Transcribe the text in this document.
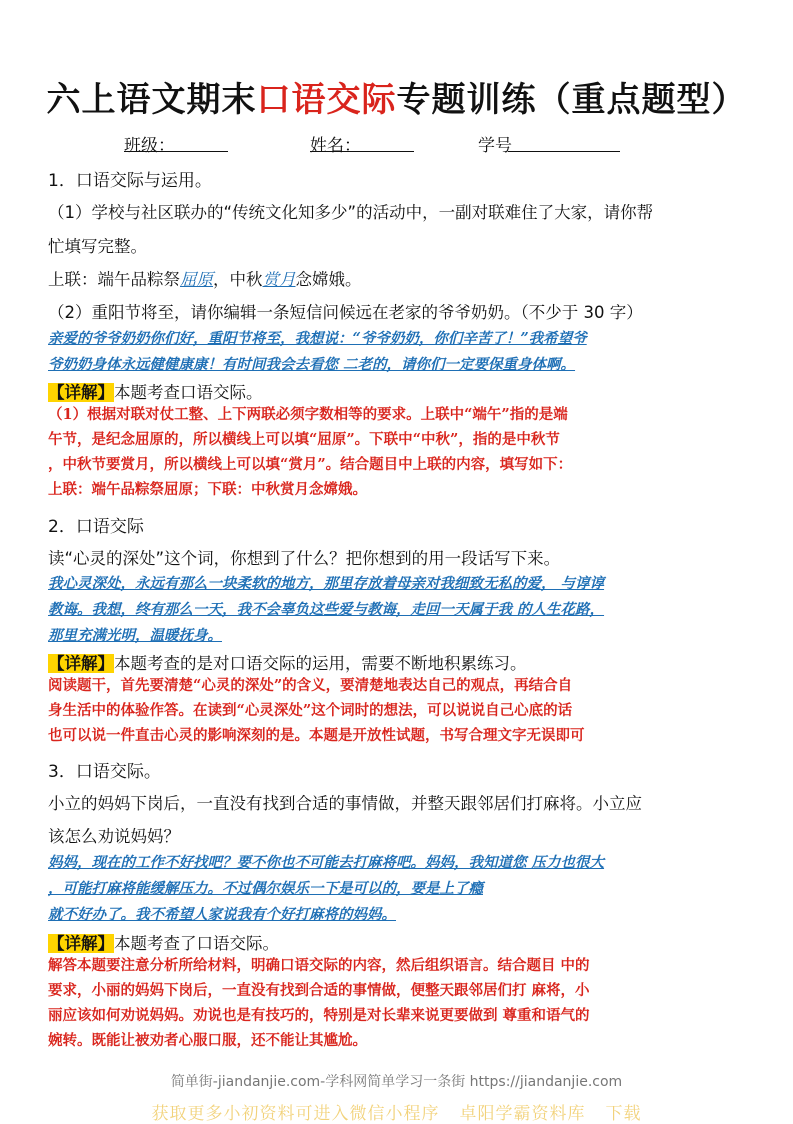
六上语文期末口语交际专题训练（重点题型）
班级：	姓名：	学号
1．口语交际与运用。
（1）学校与社区联办的“传统文化知多少”的活动中，一副对联难住了大家，请你帮
忙填写完整。
上联：端午品粽祭屈原，中秋赏月念嫦娥。
（2）重阳节将至，请你编辑一条短信问候远在老家的爷爷奶奶。（不少于 30 字）
亲爱的爷爷奶奶你们好，重阳节将至，我想说：“爷爷奶奶，你们辛苦了！”我希望爷
爷奶奶身体永远健健康康！有时间我会去看您 二老的，请你们一定要保重身体啊。
【详解】本题考查口语交际。
（1）根据对联对仗工整、上下两联必须字数相等的要求。上联中“端午”指的是端
午节，是纪念屈原的，所以横线上可以填“屈原”。下联中“中秋”，指的是中秋节
，中秋节要赏月，所以横线上可以填“赏月”。结合题目中上联的内容，填写如下：
上联：端午品粽祭屈原；下联：中秋赏月念嫦娥。
2．口语交际
读“心灵的深处”这个词，你想到了什么？把你想到的用一段话写下来。
我心灵深处，永远有那么一块柔软的地方，那里存放着母亲对我细致无私的爱， 与谆谆
教诲。我想，终有那么一天，我不会辜负这些爱与教诲，走回一天属于我 的人生花路，
那里充满光明，温暖抚身。
【详解】本题考查的是对口语交际的运用，需要不断地积累练习。
阅读题干，首先要清楚“心灵的深处”的含义，要清楚地表达自己的观点，再结合自
身生活中的体验作答。在读到“心灵深处”这个词时的想法，可以说说自己心底的话
也可以说一件直击心灵的影响深刻的是。本题是开放性试题，书写合理文字无误即可
3．口语交际。
小立的妈妈下岗后，一直没有找到合适的事情做，并整天跟邻居们打麻将。小立应
该怎么劝说妈妈？
妈妈，现在的工作不好找吧？要不你也不可能去打麻将吧。妈妈，我知道您 压力也很大
，可能打麻将能缓解压力。不过偶尔娱乐一下是可以的，要是上了瘾
就不好办了。我不希望人家说我有个好打麻将的妈妈。
【详解】本题考查了口语交际。
解答本题要注意分析所给材料，明确口语交际的内容，然后组织语言。结合题目 中的
要求，小丽的妈妈下岗后，一直没有找到合适的事情做，便整天跟邻居们打 麻将，小
丽应该如何劝说妈妈。劝说也是有技巧的，特别是对长辈来说更要做到 尊重和语气的
婉转。既能让被劝者心服口服，还不能让其尴尬。
简单街-jiandanjie.com-学科网简单学习一条街 https://jiandanjie.com
获取更多小初资料可进入微信小程序 卓阳学霸资料库 下载
